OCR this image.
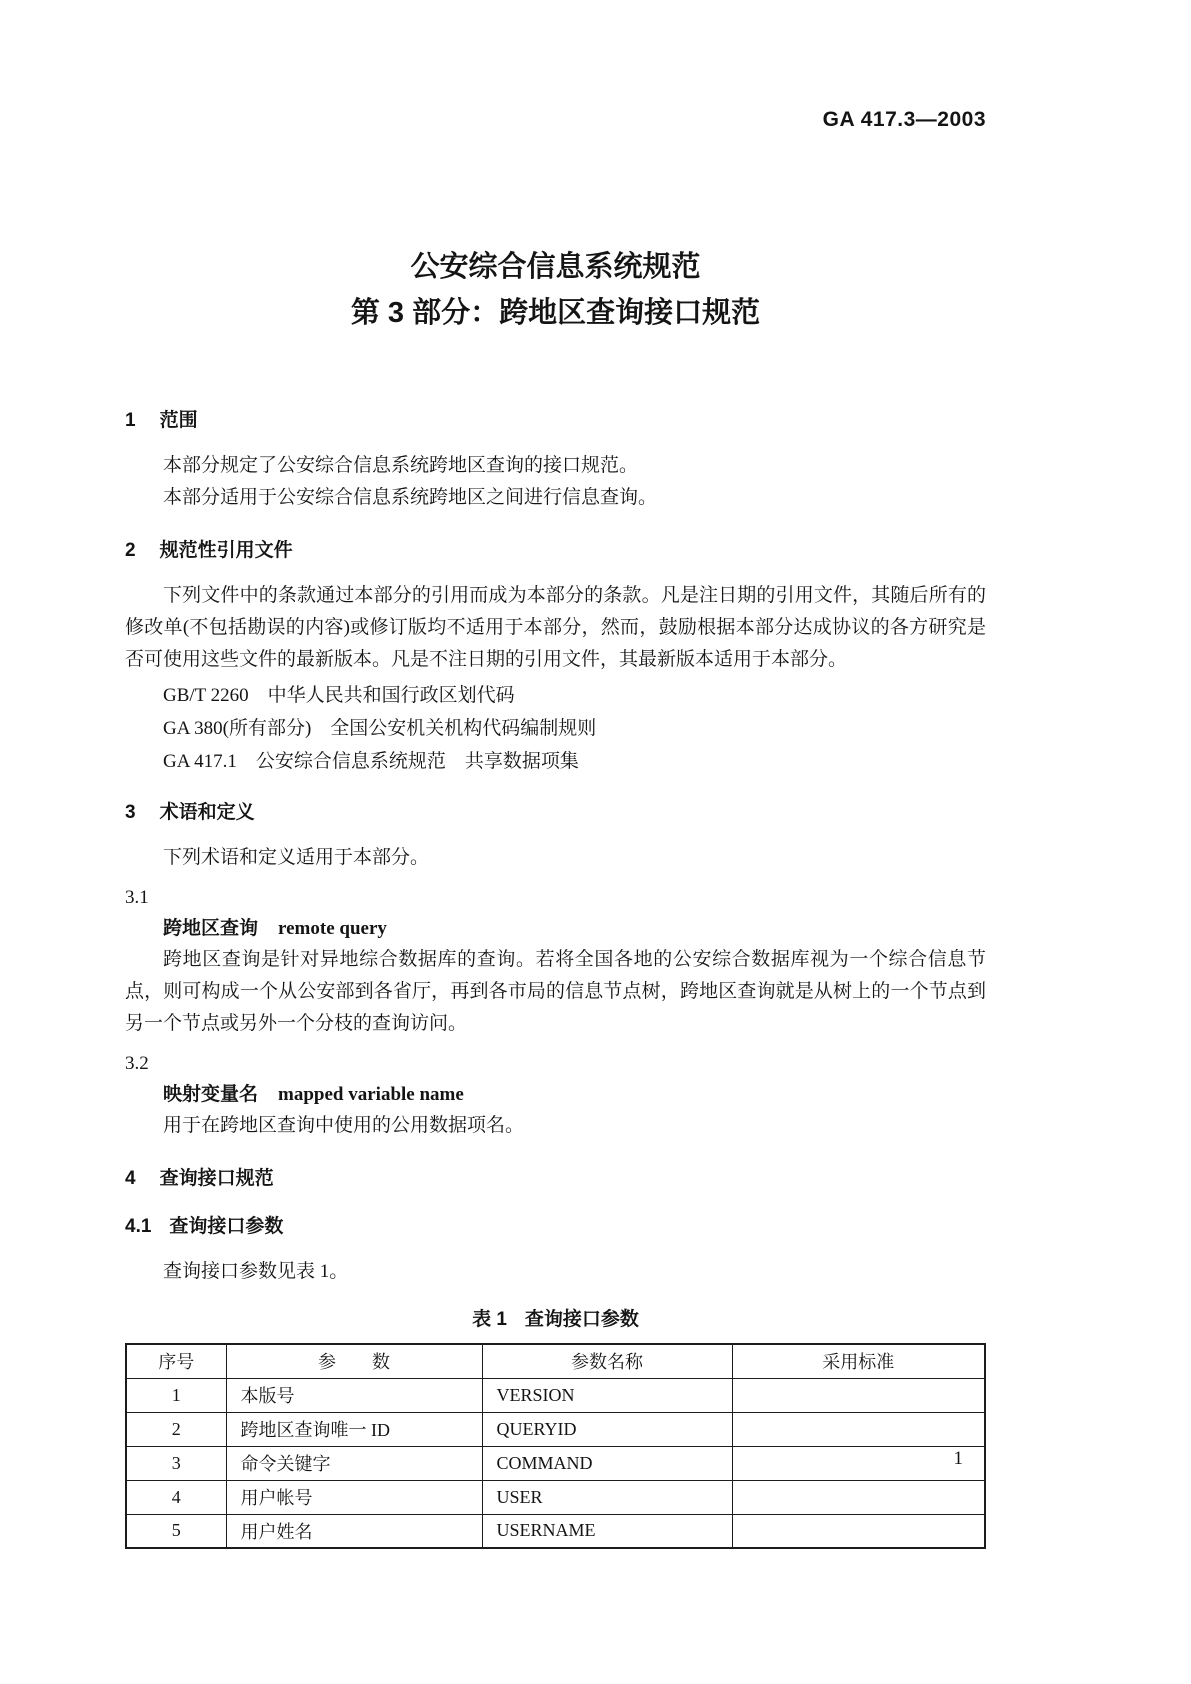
GA 417.3—2003
公安综合信息系统规范
第 3 部分：跨地区查询接口规范
1 范围

本部分规定了公安综合信息系统跨地区查询的接口规范。

本部分适用于公安综合信息系统跨地区之间进行信息查询。

2 规范性引用文件

下列文件中的条款通过本部分的引用而成为本部分的条款。凡是注日期的引用文件，其随后所有的修改单(不包括勘误的内容)或修订版均不适用于本部分，然而，鼓励根据本部分达成协议的各方研究是否可使用这些文件的最新版本。凡是不注日期的引用文件，其最新版本适用于本部分。

GB/T 2260　中华人民共和国行政区划代码

GA 380(所有部分)　全国公安机关机构代码编制规则

GA 417.1　公安综合信息系统规范　共享数据项集

3 术语和定义

下列术语和定义适用于本部分。

3.1
跨地区查询 remote query

跨地区查询是针对异地综合数据库的查询。若将全国各地的公安综合数据库视为一个综合信息节点，则可构成一个从公安部到各省厅，再到各市局的信息节点树，跨地区查询就是从树上的一个节点到另一个节点或另外一个分枝的查询访问。

3.2
映射变量名 mapped variable name

用于在跨地区查询中使用的公用数据项名。

4 查询接口规范
4.1 查询接口参数

查询接口参数见表 1。

表 1 查询接口参数
序号	参　　数	参数名称	采用标准
1	本版号	VERSION	
2	跨地区查询唯一 ID	QUERYID	
3	命令关键字	COMMAND	
4	用户帐号	USER	
5	用户姓名	USERNAME	
1
